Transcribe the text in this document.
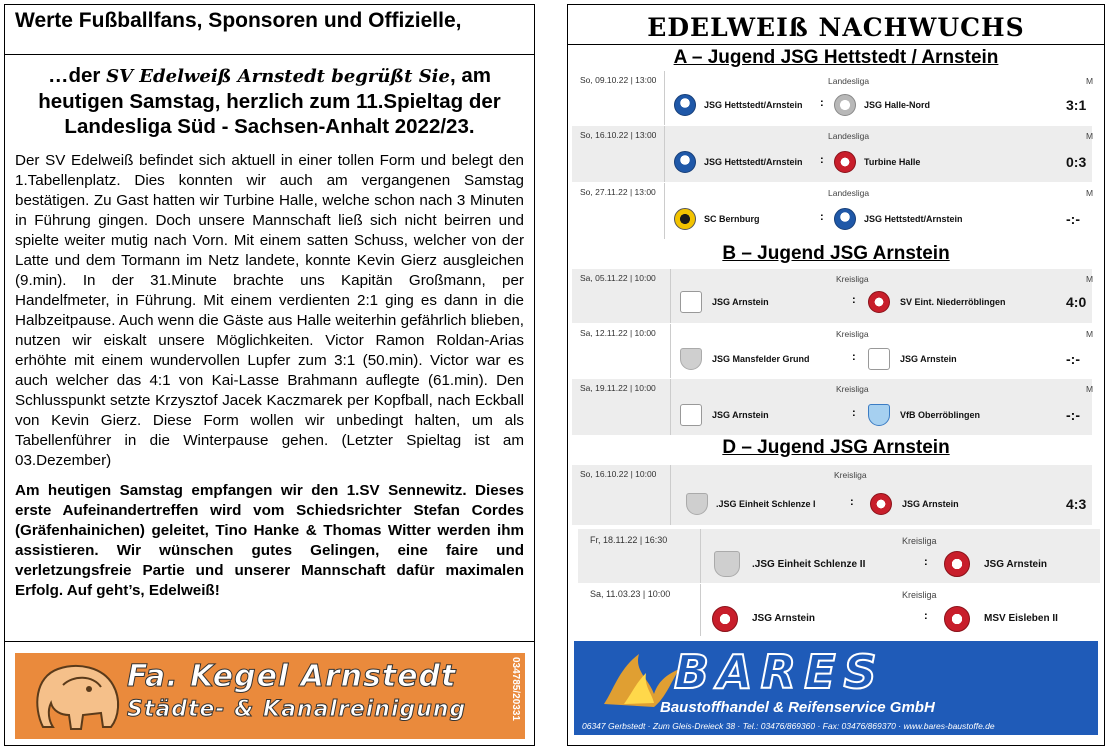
Werte Fußballfans, Sponsoren und Offizielle,
…der SV Edelweiß Arnstedt begrüßt Sie, am heutigen Samstag, herzlich zum 11.Spieltag der Landesliga Süd - Sachsen-Anhalt 2022/23.
Der SV Edelweiß befindet sich aktuell in einer tollen Form und belegt den 1.Tabellenplatz. Dies konnten wir auch am vergangenen Samstag bestätigen. Zu Gast hatten wir Turbine Halle, welche schon nach 3 Minuten in Führung gingen. Doch unsere Mannschaft ließ sich nicht beirren und spielte weiter mutig nach Vorn. Mit einem satten Schuss, welcher von der Latte und dem Tormann im Netz landete, konnte Kevin Gierz ausgleichen (9.min). In der 31.Minute brachte uns Kapitän Großmann, per Handelfmeter, in Führung. Mit einem verdienten 2:1 ging es dann in die Halbzeitpause. Auch wenn die Gäste aus Halle weiterhin gefährlich blieben, nutzen wir eiskalt unsere Möglichkeiten. Victor Ramon Roldan-Arias erhöhte mit einem wundervollen Lupfer zum 3:1 (50.min). Victor war es auch welcher das 4:1 von Kai-Lasse Brahmann auflegte (61.min). Den Schlusspunkt setzte Krzysztof Jacek Kaczmarek per Kopfball, nach Eckball von Kevin Gierz. Diese Form wollen wir unbedingt halten, um als Tabellenführer in die Winterpause gehen. (Letzter Spieltag ist am 03.Dezember)
Am heutigen Samstag empfangen wir den 1.SV Sennewitz. Dieses erste Aufeinandertreffen wird vom Schiedsrichter Stefan Cordes (Gräfenhainichen) geleitet, Tino Hanke & Thomas Witter werden ihm assistieren. Wir wünschen gutes Gelingen, eine faire und verletzungsfreie Partie und unserer Mannschaft dafür maximalen Erfolg. Auf geht’s, Edelweiß!
Fa. Kegel Arnstedt
Städte- & Kanalreinigung	034785/20331
EDELWEIß NACHWUCHS
A – Jugend JSG Hettstedt / Arnstein
So, 09.10.22 | 13:00	Landesliga	M
JSG Hettstedt/Arnstein :	JSG Halle-Nord	3:1
So, 16.10.22 | 13:00	Landesliga	M
JSG Hettstedt/Arnstein :	Turbine Halle	0:3
So, 27.11.22 | 13:00	Landesliga	M
SC Bernburg	:	JSG Hettstedt/Arnstein	-:-
B – Jugend JSG Arnstein
Sa, 05.11.22 | 10:00	Kreisliga	M
JSG Arnstein	:	SV Eint. Niederröblingen	4:0
Sa, 12.11.22 | 10:00	Kreisliga	M
JSG Mansfelder Grund	:	JSG Arnstein	-:-
Sa, 19.11.22 | 10:00	Kreisliga	M
JSG Arnstein	:	VfB Oberröblingen	-:-
D – Jugend JSG Arnstein
So, 16.10.22 | 10:00	Kreisliga
.JSG Einheit Schlenze I	:	JSG Arnstein	4:3
Fr, 18.11.22 | 16:30	Kreisliga
.JSG Einheit Schlenze II	:	JSG Arnstein
Sa, 11.03.23 | 10:00	Kreisliga
JSG Arnstein	:	MSV Eisleben II
BARES
Baustoffhandel & Reifenservice GmbH
06347 Gerbstedt · Zum Gleis-Dreieck 38 · Tel.: 03476/869360 · Fax: 03476/869370 · www.bares-baustoffe.de
